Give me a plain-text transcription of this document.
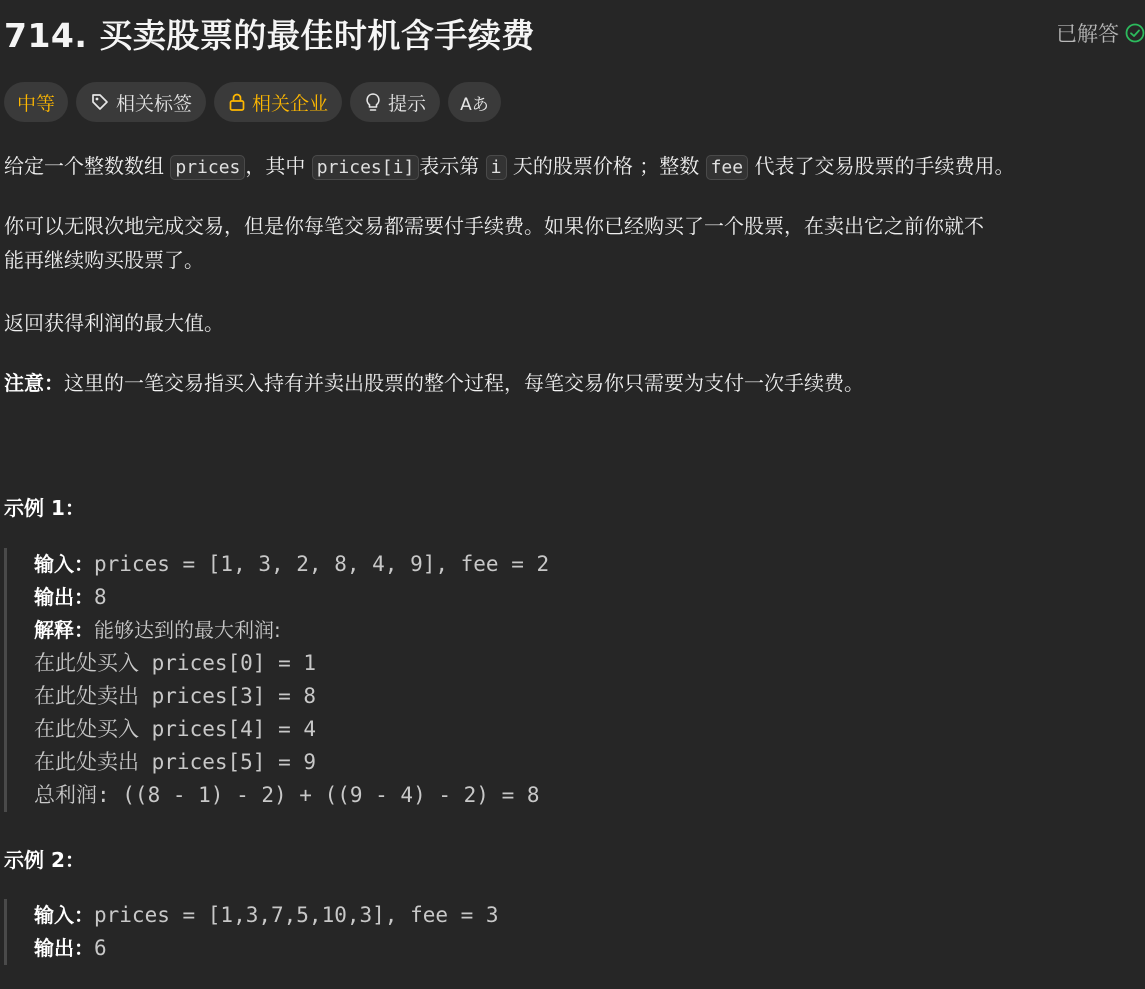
714. 买卖股票的最佳时机含手续费	已解答
中等	相关标签	相关企业	提示 Aあ
给定一个整数数组 prices ，其中 prices[i] 表示第 i 天的股票价格 ；整数 fee 代表了交易股票的手续费用。
你可以无限次地完成交易，但是你每笔交易都需要付手续费。如果你已经购买了一个股票，在卖出它之前你就不
能再继续购买股票了。
返回获得利润的最大值。
注意：这里的一笔交易指买入持有并卖出股票的整个过程，每笔交易你只需要为支付一次手续费。
示例 1：
输入：prices = [1, 3, 2, 8, 4, 9], fee = 2
输出：8
解释：能够达到的最大利润:
在此处买入 prices[0] = 1
在此处卖出 prices[3] = 8
在此处买入 prices[4] = 4
在此处卖出 prices[5] = 9
总利润: ((8 - 1) - 2) + ((9 - 4) - 2) = 8
示例 2：
输入：prices = [1,3,7,5,10,3], fee = 3
输出：6
